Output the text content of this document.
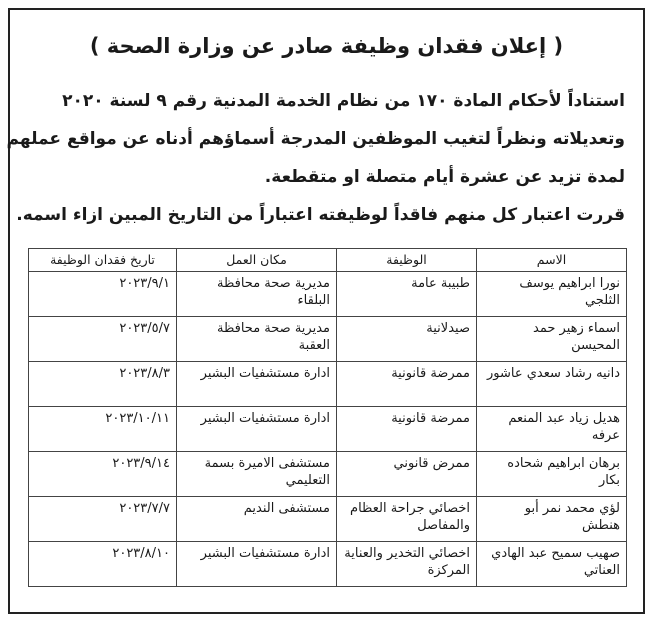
( إعلان فقدان وظيفة صادر عن وزارة الصحة )
استناداً لأحكام المادة ١٧٠ من نظام الخدمة المدنية رقم ٩ لسنة ٢٠٢٠
وتعديلاته ونظراً لتغيب الموظفين المدرجة أسماؤهم أدناه عن مواقع عملهم
لمدة تزيد عن عشرة أيام متصلة او متقطعة.
قررت اعتبار كل منهم فاقداً لوظيفته اعتباراً من التاريخ المبين ازاء اسمه.
الاسم	الوظيفة	مكان العمل	تاريخ فقدان الوظيفة
نورا ابراهيم يوسف الثلجي	طبيبة عامة	مديرية صحة محافظة البلقاء	٢٠٢٣/٩/١
اسماء زهير حمد المحيسن	صيدلانية	مديرية صحة محافظة العقبة	٢٠٢٣/٥/٧
دانيه رشاد سعدي عاشور	ممرضة قانونية	ادارة مستشفيات البشير	٢٠٢٣/٨/٣
هديل زياد عبد المنعم عرفه	ممرضة قانونية	ادارة مستشفيات البشير	٢٠٢٣/١٠/١١
برهان ابراهيم شحاده بكار	ممرض قانوني	مستشفى الاميرة بسمة التعليمي	٢٠٢٣/٩/١٤
لؤي محمد نمر أبو هنطش	اخصائي جراحة العظام والمفاصل	مستشفى النديم	٢٠٢٣/٧/٧
صهيب سميح عبد الهادي العناتي	اخصائي التخدير والعناية المركزة	ادارة مستشفيات البشير	٢٠٢٣/٨/١٠
